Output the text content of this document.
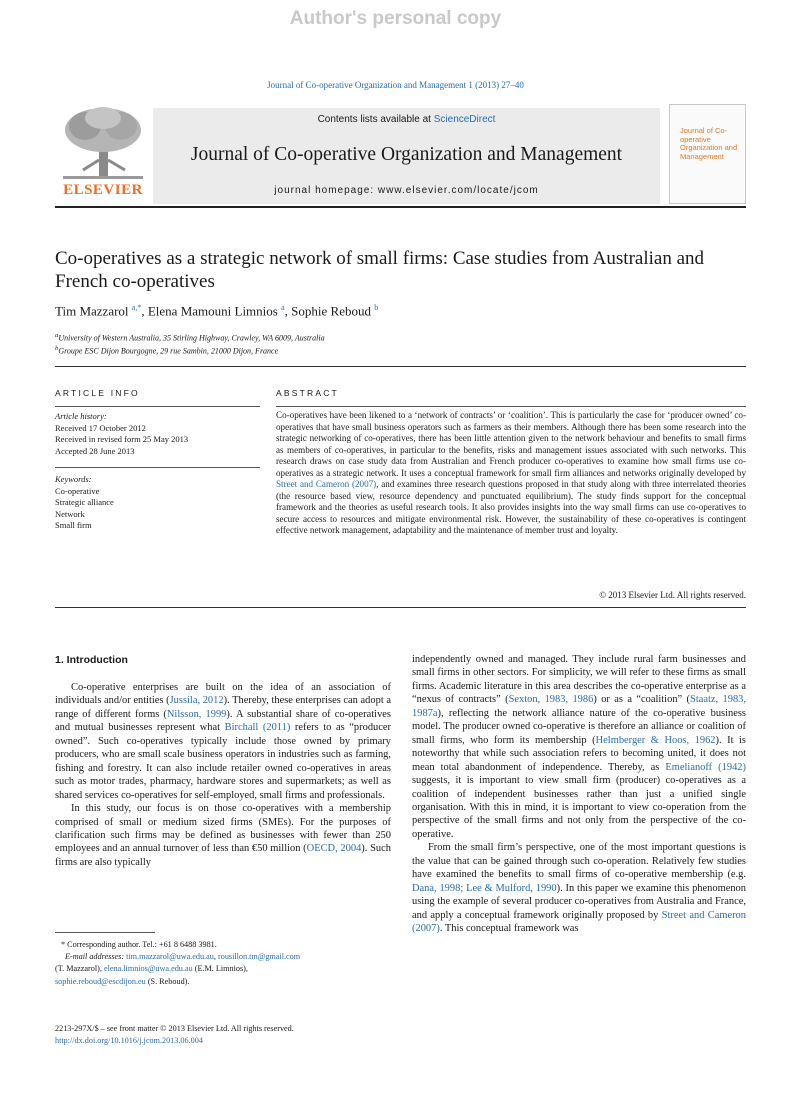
Author's personal copy
Journal of Co-operative Organization and Management 1 (2013) 27–40
ELSEVIER
Contents lists available at ScienceDirect
Journal of Co-operative Organization and Management
journal homepage: www.elsevier.com/locate/jcom
Journal of Co-operative Organization and Management
Co-operatives as a strategic network of small firms: Case studies from Australian and French co-operatives
Tim Mazzarol $^{a,*}$, Elena Mamouni Limnios $^a$, Sophie Reboud $^b$
$^a$University of Western Australia, 35 Stirling Highway, Crawley, WA 6009, Australia
$^b$Groupe ESC Dijon Bourgogne, 29 rue Sambin, 21000 Dijon, France
ARTICLE INFO
Article history:
Received 17 October 2012
Received in revised form 25 May 2013
Accepted 28 June 2013
Keywords:
Co-operative
Strategic alliance
Network
Small firm
ABSTRACT
Co-operatives have been likened to a ‘network of contracts’ or ‘coalition’. This is particularly the case for ‘producer owned’ co-operatives that have small business operators such as farmers as their members. Although there has been some research into the strategic networking of co-operatives, there has been little attention given to the network behaviour and benefits to small firms as members of co-operatives, in particular to the benefits, risks and management issues associated with such networks. This research draws on case study data from Australian and French producer co-operatives to examine how small firms use co-operatives as a strategic network. It uses a conceptual framework for small firm alliances and networks originally developed by Street and Cameron (2007), and examines three research questions proposed in that study along with three interrelated theories (the resource based view, resource dependency and punctuated equilibrium). The study finds support for the conceptual framework and the theories as useful research tools. It also provides insights into the way small firms can use co-operatives to secure access to resources and mitigate environmental risk. However, the sustainability of these co-operatives is contingent effective network management, adaptability and the maintenance of member trust and loyalty.
© 2013 Elsevier Ltd. All rights reserved.
1. Introduction

Co-operative enterprises are built on the idea of an association of individuals and/or entities (Jussila, 2012). Thereby, these enterprises can adopt a range of different forms (Nilsson, 1999). A substantial share of co-operatives and mutual businesses represent what Birchall (2011) refers to as “producer owned”. Such co-operatives typically include those owned by primary producers, who are small scale business operators in industries such as farming, fishing and forestry. It can also include retailer owned co-operatives in areas such as motor trades, pharmacy, hardware stores and supermarkets; as well as shared services co-operatives for self-employed, small firms and professionals.

In this study, our focus is on those co-operatives with a membership comprised of small or medium sized firms (SMEs). For the purposes of clarification such firms may be defined as businesses with fewer than 250 employees and an annual turnover of less than €50 million (OECD, 2004). Such firms are also typically

independently owned and managed. They include rural farm businesses and small firms in other sectors. For simplicity, we will refer to these firms as small firms. Academic literature in this area describes the co-operative enterprise as a “nexus of contracts” (Sexton, 1983, 1986) or as a “coalition” (Staatz, 1983, 1987a), reflecting the network alliance nature of the co-operative business model. The producer owned co-operative is therefore an alliance or coalition of small firms, who form its membership (Helmberger & Hoos, 1962). It is noteworthy that while such association refers to becoming united, it does not mean total abandonment of independence. Thereby, as Emelianoff (1942) suggests, it is important to view small firm (producer) co-operatives as a coalition of independent businesses rather than just a unified single organisation. With this in mind, it is important to view co-operation from the perspective of the small firms and not only from the perspective of the co-operative.

From the small firm’s perspective, one of the most important questions is the value that can be gained through such co-operation. Relatively few studies have examined the benefits to small firms of co-operative membership (e.g. Dana, 1998; Lee & Mulford, 1990). In this paper we examine this phenomenon using the example of several producer co-operatives from Australia and France, and apply a conceptual framework originally proposed by Street and Cameron (2007). This conceptual framework was

* Corresponding author. Tel.: +61 8 6488 3981.
E-mail addresses: tim.mazzarol@uwa.edu.au, rousillon.tm@gmail.com
(T. Mazzarol), elena.limnios@uwa.edu.au (E.M. Limnios),
sophie.reboud@escdijon.eu (S. Reboud).
2213-297X/$ – see front matter © 2013 Elsevier Ltd. All rights reserved.
http://dx.doi.org/10.1016/j.jcom.2013.06.004
